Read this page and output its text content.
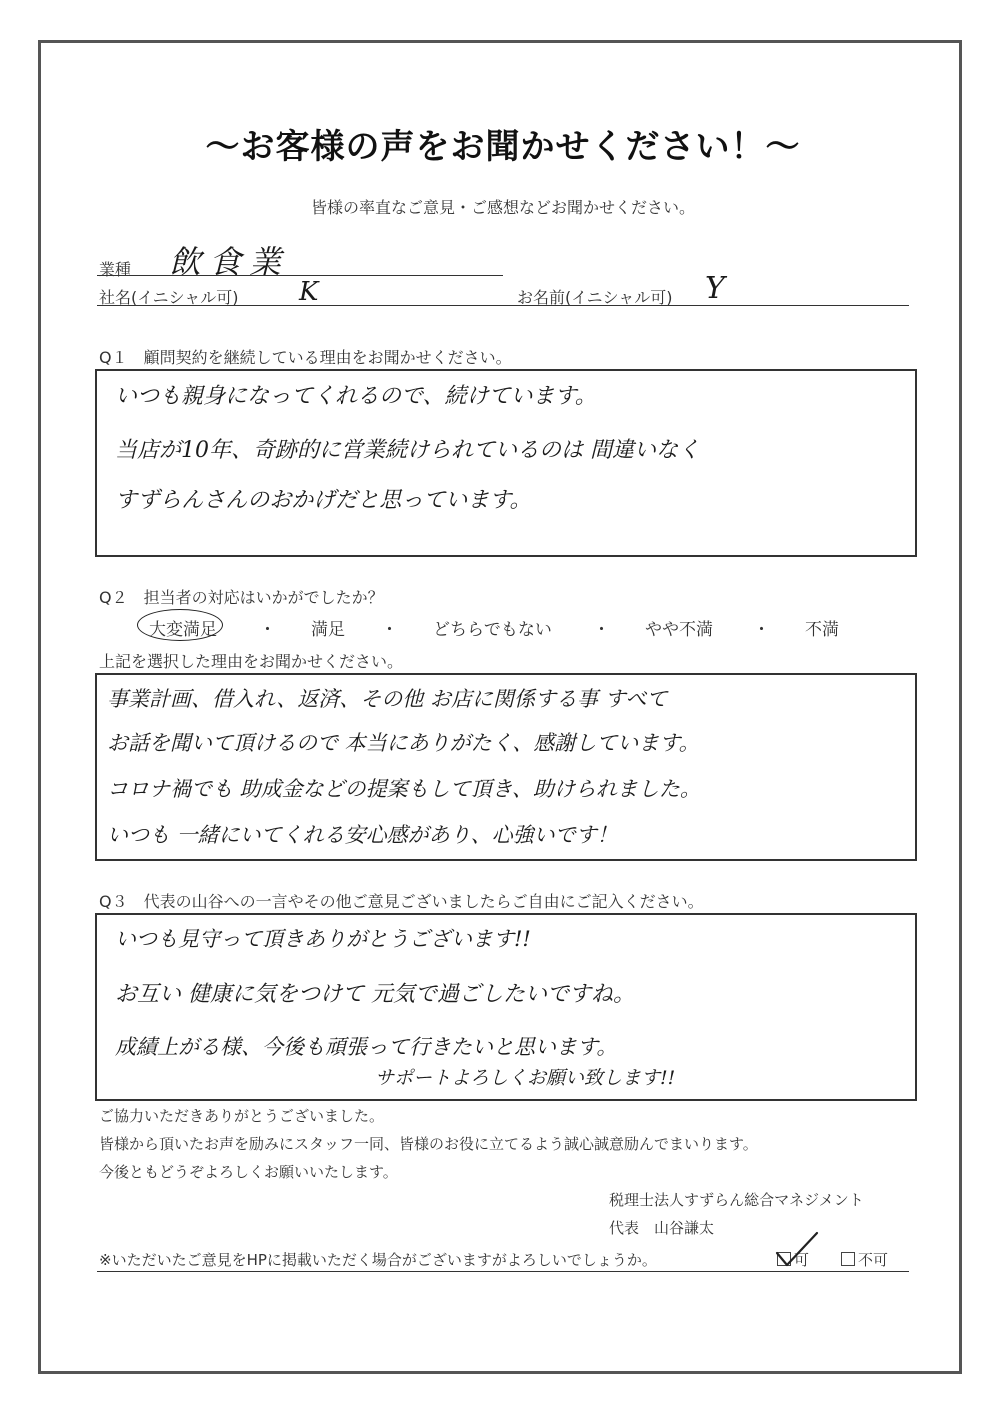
〜お客様の声をお聞かせください！〜
皆様の率直なご意見・ご感想などお聞かせください。
業種 飲食業
社名(イニシャル可) K	お名前(イニシャル可) Y
Q１　顧問契約を継続している理由をお聞かせください。
いつも親身になってくれるので、続けています。
当店が10年、奇跡的に営業続けられているのは 間違いなく
すずらんさんのおかげだと思っています。
Q２　担当者の対応はいかがでしたか？
大変満足 ・ 満足 ・ どちらでもない ・ やや不満 ・ 不満
上記を選択した理由をお聞かせください。
事業計画、借入れ、返済、その他 お店に関係する事 すべて
お話を聞いて頂けるので 本当にありがたく、感謝しています。
コロナ禍でも 助成金などの提案もして頂き、助けられました。
いつも 一緒にいてくれる安心感があり、心強いです！
Q３　代表の山谷への一言やその他ご意見ございましたらご自由にご記入ください。
いつも見守って頂きありがとうございます!!
お互い 健康に気をつけて 元気で過ごしたいですね。
成績上がる様、今後も頑張って行きたいと思います。
サポートよろしくお願い致します!!
ご協力いただきありがとうございました。
皆様から頂いたお声を励みにスタッフ一同、皆様のお役に立てるよう誠心誠意励んでまいります。
今後ともどうぞよろしくお願いいたします。
税理士法人すずらん総合マネジメント
代表　山谷謙太
※いただいたご意見をHPに掲載いただく場合がございますがよろしいでしょうか。	可	不可
